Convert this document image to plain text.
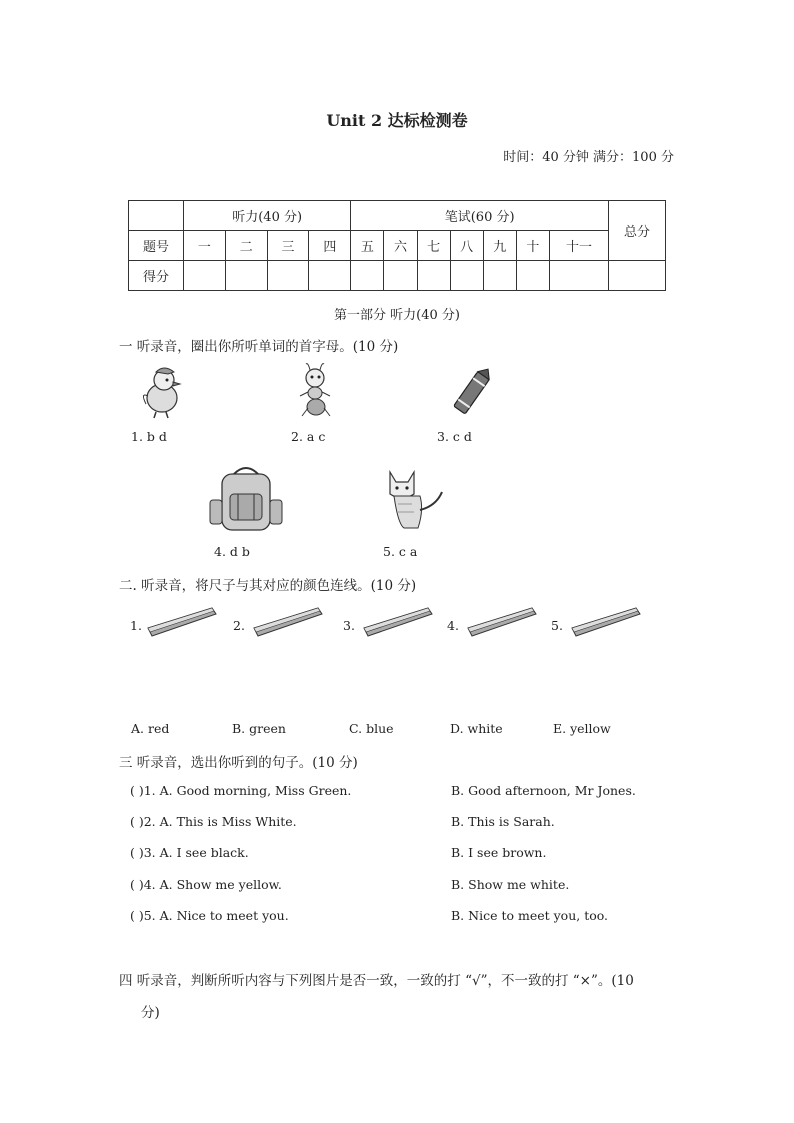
Unit 2 达标检测卷
时间：40 分钟 满分：100 分
	听力(40 分)				笔试(60 分)							总分
题号	一	二	三	四	五	六	七	八	九	十	十一	
得分												
第一部分 听力(40 分)
一 听录音，圈出你所听单词的首字母。(10 分)
1. b d	2. a c	3. c d
4. d b	5. c a
二. 听录音，将尺子与其对应的颜色连线。(10 分)
1.	2.	3.	4.	5.
A. red	B. green	C. blue	D. white	E. yellow
三 听录音，选出你听到的句子。(10 分)
( )1. A. Good morning, Miss Green.	B. Good afternoon, Mr Jones.
( )2. A. This is Miss White.	B. This is Sarah.
( )3. A. I see black.	B. I see brown.
( )4. A. Show me yellow.	B. Show me white.
( )5. A. Nice to meet you.	B. Nice to meet you, too.
四 听录音，判断所听内容与下列图片是否一致，一致的打 “√”，不一致的打 “×”。(10
分)
